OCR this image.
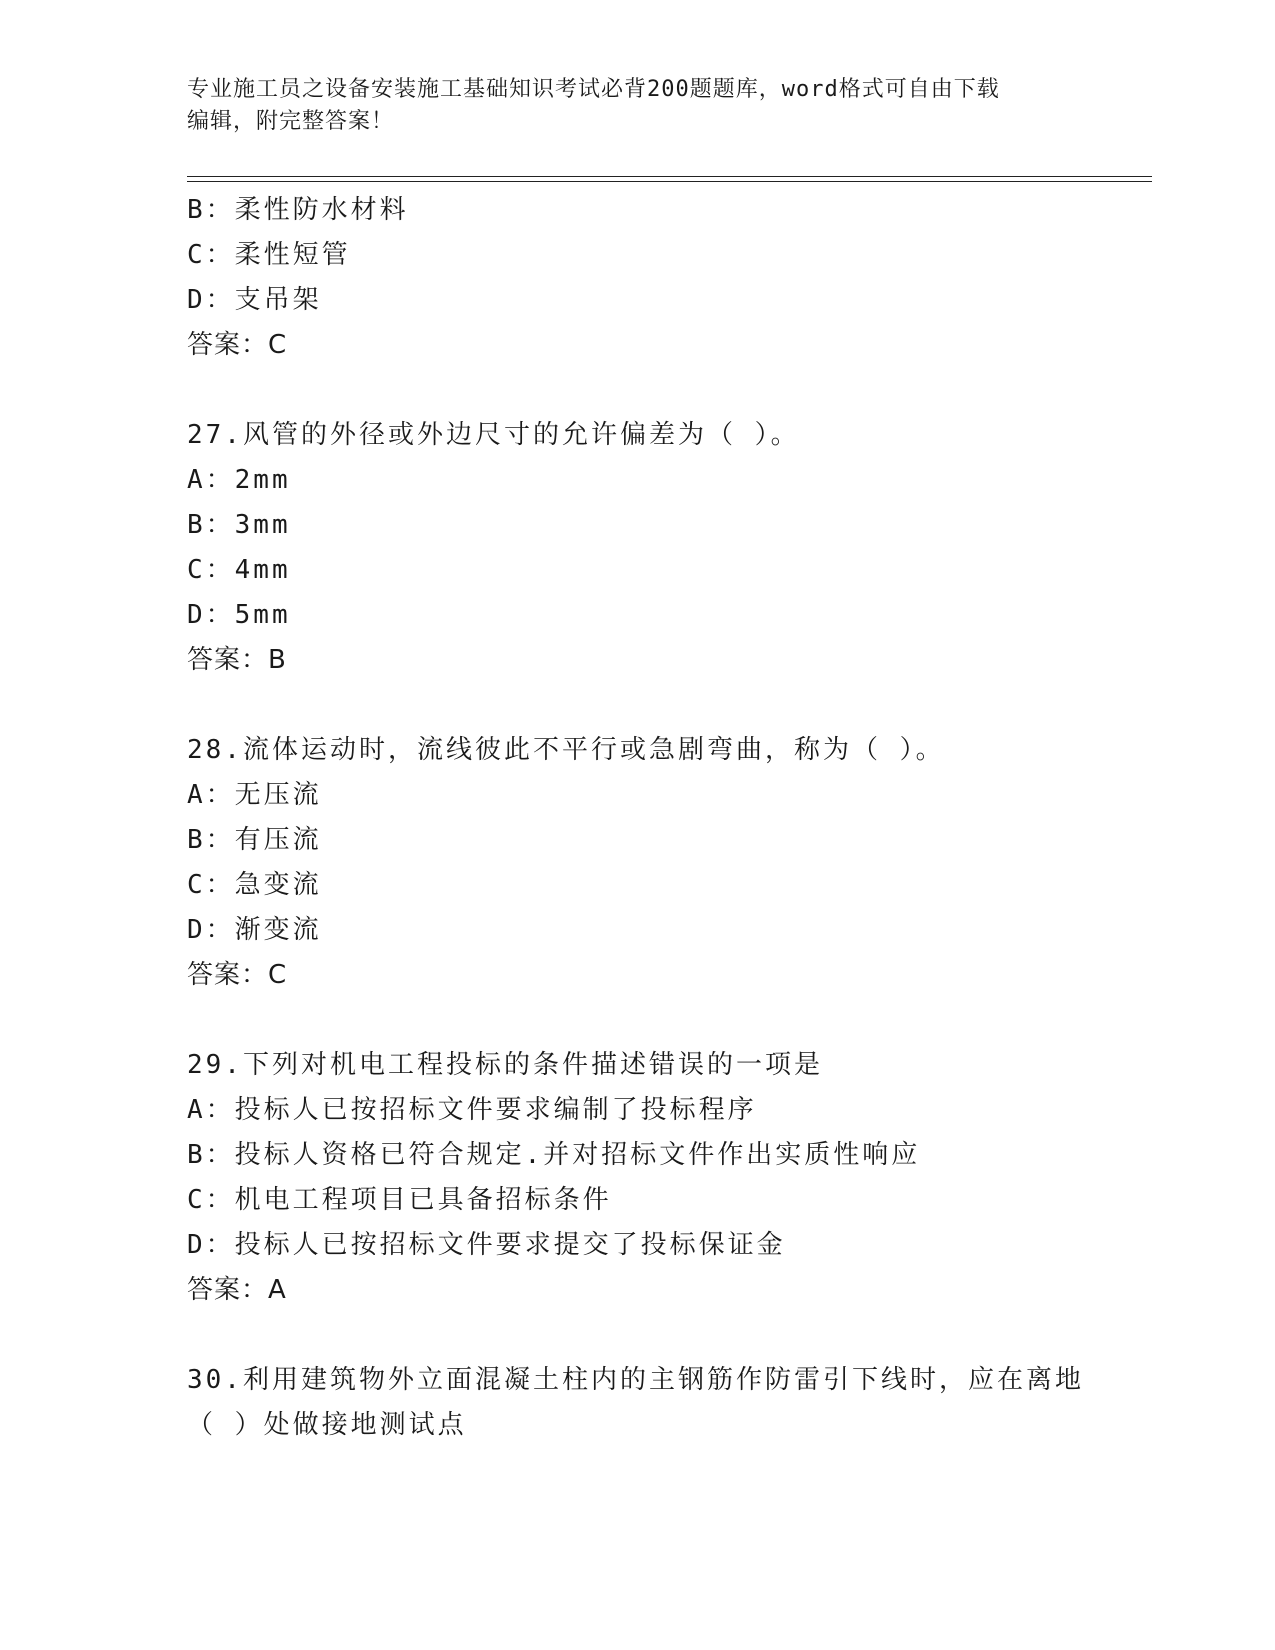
专业施工员之设备安装施工基础知识考试必背200题题库，word格式可自由下载
编辑，附完整答案！
B：柔性防水材料
C：柔性短管
D：支吊架
答案：C
27.风管的外径或外边尺寸的允许偏差为（ ）。
A：2mm
B：3mm
C：4mm
D：5mm
答案：B
28.流体运动时，流线彼此不平行或急剧弯曲，称为（ ）。
A：无压流
B：有压流
C：急变流
D：渐变流
答案：C
29.下列对机电工程投标的条件描述错误的一项是
A：投标人已按招标文件要求编制了投标程序
B：投标人资格已符合规定.并对招标文件作出实质性响应
C：机电工程项目已具备招标条件
D：投标人已按招标文件要求提交了投标保证金
答案：A
30.利用建筑物外立面混凝土柱内的主钢筋作防雷引下线时，应在离地
（ ）处做接地测试点
